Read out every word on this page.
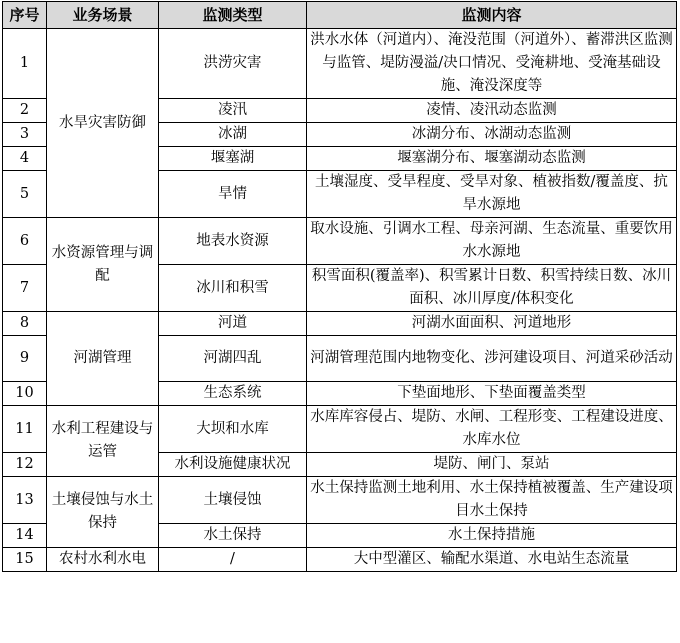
序号	业务场景	监测类型	监测内容
1	水旱灾害防御	洪涝灾害	洪水水体（河道内）、淹没范围（河道外）、蓄滞洪区监测与监管、堤防漫溢/决口情况、受淹耕地、受淹基础设施、淹没深度等
2		凌汛	凌情、凌汛动态监测
3		冰湖	冰湖分布、冰湖动态监测
4		堰塞湖	堰塞湖分布、堰塞湖动态监测
5		旱情	土壤湿度、受旱程度、受旱对象、植被指数/覆盖度、抗旱水源地
6	水资源管理与调配	地表水资源	取水设施、引调水工程、母亲河湖、生态流量、重要饮用水水源地
7		冰川和积雪	积雪面积(覆盖率)、积雪累计日数、积雪持续日数、冰川面积、冰川厚度/体积变化
8	河湖管理	河道	河湖水面面积、河道地形
9		河湖四乱	河湖管理范围内地物变化、涉河建设项目、河道采砂活动
10		生态系统	下垫面地形、下垫面覆盖类型
11	水利工程建设与运管	大坝和水库	水库库容侵占、堤防、水闸、工程形变、工程建设进度、水库水位
12		水利设施健康状况	堤防、闸门、泵站
13	土壤侵蚀与水土保持	土壤侵蚀	水土保持监测土地利用、水土保持植被覆盖、生产建设项目水土保持
14		水土保持	水土保持措施
15	农村水利水电	/	大中型灌区、输配水渠道、水电站生态流量
